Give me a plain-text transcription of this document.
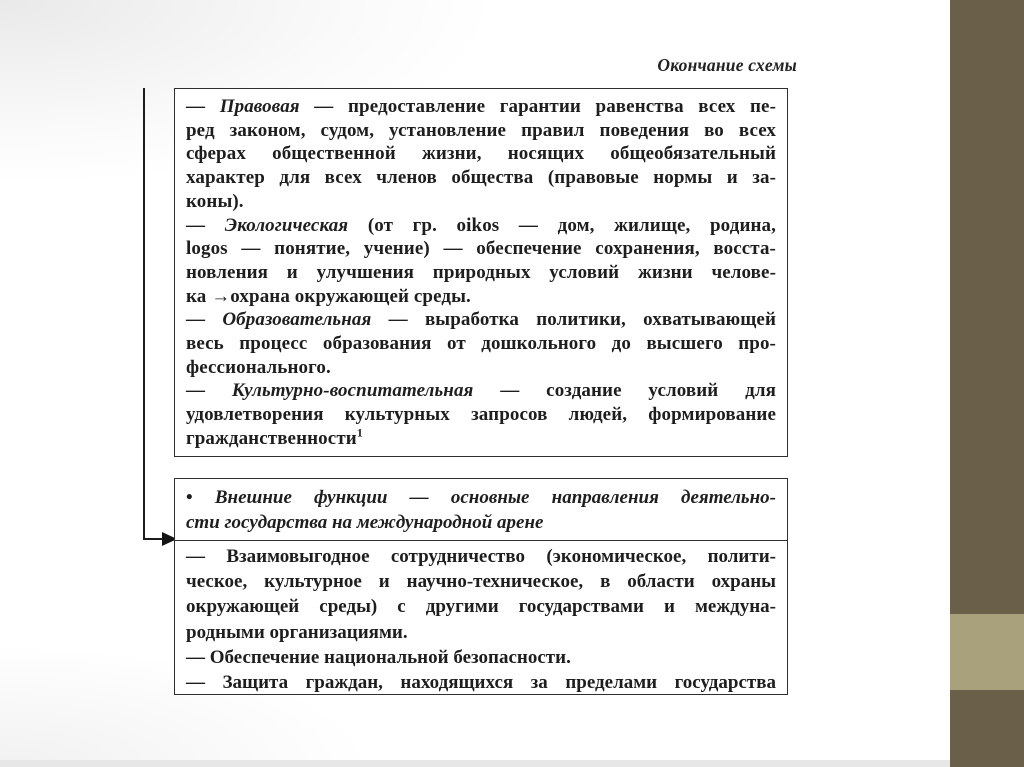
Окончание схемы
— Правовая — предоставление гарантии равенства всех пе-
ред законом, судом, установление правил поведения во всех
сферах общественной жизни, носящих общеобязательный
характер для всех членов общества (правовые нормы и за-
коны).
— Экологическая (от гр. oikos — дом, жилище, родина,
logos — понятие, учение) — обеспечение сохранения, восста-
новления и улучшения природных условий жизни челове-
ка →охрана окружающей среды.
— Образовательная — выработка политики, охватывающей
весь процесс образования от дошкольного до высшего про-
фессионального.
— Культурно-воспитательная — создание условий для
удовлетворения культурных запросов людей, формирование
гражданственности$^1$
• Внешние функции — основные направления деятельно-
сти государства на международной арене
— Взаимовыгодное сотрудничество (экономическое, полити-
ческое, культурное и научно-техническое, в области охраны
окружающей среды) с другими государствами и междуна-
родными организациями.
— Обеспечение национальной безопасности.
— Защита граждан, находящихся за пределами государства
